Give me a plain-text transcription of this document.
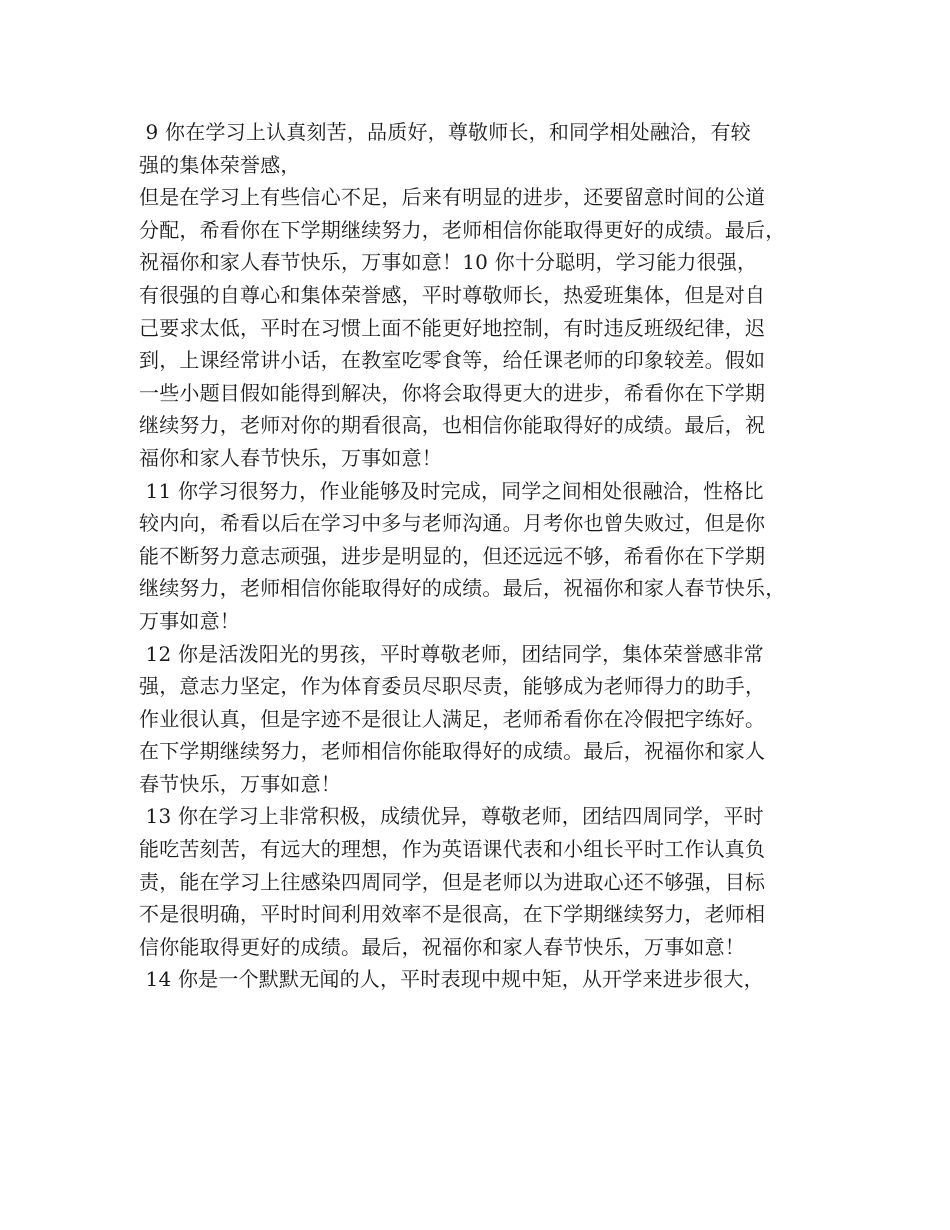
9 你在学习上认真刻苦，品质好，尊敬师长，和同学相处融洽，有较
强的集体荣誉感，
但是在学习上有些信心不足，后来有明显的进步，还要留意时间的公道
分配，希看你在下学期继续努力，老师相信你能取得更好的成绩。最后，
祝福你和家人春节快乐，万事如意！10 你十分聪明，学习能力很强，
有很强的自尊心和集体荣誉感，平时尊敬师长，热爱班集体，但是对自
己要求太低，平时在习惯上面不能更好地控制，有时违反班级纪律，迟
到，上课经常讲小话，在教室吃零食等，给任课老师的印象较差。假如
一些小题目假如能得到解决，你将会取得更大的进步，希看你在下学期
继续努力，老师对你的期看很高，也相信你能取得好的成绩。最后，祝
福你和家人春节快乐，万事如意！
11 你学习很努力，作业能够及时完成，同学之间相处很融洽，性格比
较内向，希看以后在学习中多与老师沟通。月考你也曾失败过，但是你
能不断努力意志顽强，进步是明显的，但还远远不够，希看你在下学期
继续努力，老师相信你能取得好的成绩。最后，祝福你和家人春节快乐，
万事如意！
12 你是活泼阳光的男孩，平时尊敬老师，团结同学，集体荣誉感非常
强，意志力坚定，作为体育委员尽职尽责，能够成为老师得力的助手，
作业很认真，但是字迹不是很让人满足，老师希看你在冷假把字练好。
在下学期继续努力，老师相信你能取得好的成绩。最后，祝福你和家人
春节快乐，万事如意！
13 你在学习上非常积极，成绩优异，尊敬老师，团结四周同学，平时
能吃苦刻苦，有远大的理想，作为英语课代表和小组长平时工作认真负
责，能在学习上往感染四周同学，但是老师以为进取心还不够强，目标
不是很明确，平时时间利用效率不是很高，在下学期继续努力，老师相
信你能取得更好的成绩。最后，祝福你和家人春节快乐，万事如意！
14 你是一个默默无闻的人，平时表现中规中矩，从开学来进步很大，
